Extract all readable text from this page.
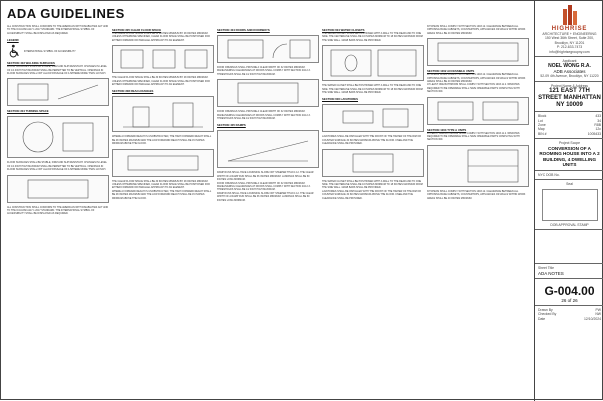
ADA GUIDELINES
ALL CONSTRUCTION SHALL CONFORM TO THE AMERICAN WITH DISABILITIES ACT AND TO THE ICC/ANSI A117.1 2017 STANDARD. THE INTERNATIONAL SYMBOL OF ACCESSIBILITY SHALL BE DISPLAYED AS REQUIRED.
LEGEND
INTERNATIONAL SYMBOL OF ACCESSIBILITY
SECTION 403 WALKING SURFACES
FLOOR SURFACES SHALL BE STABLE, FIRM AND SLIP RESISTANT. CHANGES IN LEVEL OF 1/4 INCH HIGH MAXIMUM SHALL BE PERMITTED TO BE VERTICAL. OPENINGS IN FLOOR SURFACES SHALL NOT ALLOW PASSAGE OF A SPHERE MORE THAN 1/2 INCH.
SECTION 304 TURNING SPACE
FLOOR SURFACES SHALL BE STABLE, FIRM AND SLIP RESISTANT. CHANGES IN LEVEL OF 1/4 INCH HIGH MAXIMUM SHALL BE PERMITTED TO BE VERTICAL. OPENINGS IN FLOOR SURFACES SHALL NOT ALLOW PASSAGE OF A SPHERE MORE THAN 1/2 INCH.
ALL CONSTRUCTION SHALL CONFORM TO THE AMERICAN WITH DISABILITIES ACT AND TO THE ICC/ANSI A117.1 2017 STANDARD. THE INTERNATIONAL SYMBOL OF ACCESSIBILITY SHALL BE DISPLAYED AS REQUIRED.
SECTION 305 CLEAR FLOOR SPACE
THE CLEAR FLOOR SPACE SHALL BE 30 INCHES MINIMUM BY 48 INCHES MINIMUM. UNLESS OTHERWISE SPECIFIED, CLEAR FLOOR SPACE SHALL BE POSITIONED FOR EITHER FORWARD OR PARALLEL APPROACH TO AN ELEMENT.
THE CLEAR FLOOR SPACE SHALL BE 30 INCHES MINIMUM BY 48 INCHES MINIMUM. UNLESS OTHERWISE SPECIFIED, CLEAR FLOOR SPACE SHALL BE POSITIONED FOR EITHER FORWARD OR PARALLEL APPROACH TO AN ELEMENT.
SECTION 308 REACH RANGES
WHERE A FORWARD REACH IS UNOBSTRUCTED, THE HIGH FORWARD REACH SHALL BE 48 INCHES MAXIMUM AND THE LOW FORWARD REACH SHALL BE 15 INCHES MINIMUM ABOVE THE FLOOR.
THE CLEAR FLOOR SPACE SHALL BE 30 INCHES MINIMUM BY 48 INCHES MINIMUM. UNLESS OTHERWISE SPECIFIED, CLEAR FLOOR SPACE SHALL BE POSITIONED FOR EITHER FORWARD OR PARALLEL APPROACH TO AN ELEMENT.
WHERE A FORWARD REACH IS UNOBSTRUCTED, THE HIGH FORWARD REACH SHALL BE 48 INCHES MAXIMUM AND THE LOW FORWARD REACH SHALL BE 15 INCHES MINIMUM ABOVE THE FLOOR.
SECTION 404 DOORS AND DOORWAYS
DOOR OPENINGS SHALL PROVIDE A CLEAR WIDTH OF 32 INCHES MINIMUM. MANEUVERING CLEARANCES AT DOORS SHALL COMPLY WITH SECTION 404.2.3. THRESHOLDS SHALL BE 1/2 INCH HIGH MAXIMUM.
DOOR OPENINGS SHALL PROVIDE A CLEAR WIDTH OF 32 INCHES MINIMUM. MANEUVERING CLEARANCES AT DOORS SHALL COMPLY WITH SECTION 404.2.3. THRESHOLDS SHALL BE 1/2 INCH HIGH MAXIMUM.
SECTION 405 RAMPS
RAMP RUNS SHALL HAVE A RUNNING SLOPE NOT STEEPER THAN 1:12. THE CLEAR WIDTH OF A RAMP RUN SHALL BE 36 INCHES MINIMUM. LANDINGS SHALL BE 60 INCHES LONG MINIMUM.
DOOR OPENINGS SHALL PROVIDE A CLEAR WIDTH OF 32 INCHES MINIMUM. MANEUVERING CLEARANCES AT DOORS SHALL COMPLY WITH SECTION 404.2.3. THRESHOLDS SHALL BE 1/2 INCH HIGH MAXIMUM.
RAMP RUNS SHALL HAVE A RUNNING SLOPE NOT STEEPER THAN 1:12. THE CLEAR WIDTH OF A RAMP RUN SHALL BE 36 INCHES MINIMUM. LANDINGS SHALL BE 60 INCHES LONG MINIMUM.
SECTION 604 WATER CLOSETS
THE WATER CLOSET SHALL BE POSITIONED WITH A WALL TO THE REAR AND TO ONE SIDE. THE CENTERLINE SHALL BE 16 INCHES MINIMUM TO 18 INCHES MAXIMUM FROM THE SIDE WALL. GRAB BARS SHALL BE PROVIDED.
THE WATER CLOSET SHALL BE POSITIONED WITH A WALL TO THE REAR AND TO ONE SIDE. THE CENTERLINE SHALL BE 16 INCHES MINIMUM TO 18 INCHES MAXIMUM FROM THE SIDE WALL. GRAB BARS SHALL BE PROVIDED.
SECTION 606 LAVATORIES
LAVATORIES SHALL BE INSTALLED WITH THE FRONT OF THE HIGHER OF THE RIM OR COUNTER SURFACE 34 INCHES MAXIMUM ABOVE THE FLOOR. KNEE AND TOE CLEARANCE SHALL BE PROVIDED.
THE WATER CLOSET SHALL BE POSITIONED WITH A WALL TO THE REAR AND TO ONE SIDE. THE CENTERLINE SHALL BE 16 INCHES MINIMUM TO 18 INCHES MAXIMUM FROM THE SIDE WALL. GRAB BARS SHALL BE PROVIDED.
LAVATORIES SHALL BE INSTALLED WITH THE FRONT OF THE HIGHER OF THE RIM OR COUNTER SURFACE 34 INCHES MAXIMUM ABOVE THE FLOOR. KNEE AND TOE CLEARANCE SHALL BE PROVIDED.
KITCHENS SHALL COMPLY WITH SECTION 1003.12. CLEARANCE BETWEEN ALL OPPOSING BASE CABINETS, COUNTERTOPS, APPLIANCES OR WALLS WITHIN WORK AREAS SHALL BE 40 INCHES MINIMUM.
SECTION 1002 ACCESSIBLE UNITS
KITCHENS SHALL COMPLY WITH SECTION 1003.12. CLEARANCE BETWEEN ALL OPPOSING BASE CABINETS, COUNTERTOPS, APPLIANCES OR WALLS WITHIN WORK AREAS SHALL BE 40 INCHES MINIMUM.
AT LEAST ONE BATHROOM SHALL COMPLY WITH SECTION 1003.11.2. WINDOWS REQUIRED TO BE OPERABLE SHALL HAVE OPERABLE PARTS COMPLYING WITH SECTION 309.
SECTION 1003 TYPE A UNITS
AT LEAST ONE BATHROOM SHALL COMPLY WITH SECTION 1003.11.2. WINDOWS REQUIRED TO BE OPERABLE SHALL HAVE OPERABLE PARTS COMPLYING WITH SECTION 309.
KITCHENS SHALL COMPLY WITH SECTION 1003.12. CLEARANCE BETWEEN ALL OPPOSING BASE CABINETS, COUNTERTOPS, APPLIANCES OR WALLS WITHIN WORK AREAS SHALL BE 40 INCHES MINIMUM.
HIGHRISE
ARCHITECTURE + ENGINEERING
150 West 36th Street, Suite 200, Brooklyn, NY 11201
P: 212-633-7473
info@highrisegroupny.com
Applicant
NOEL WONG R.A.
ADB Associates
52-09 4th Avenue, Brooklyn, NY 11220
Project Name & Address
121 EAST 7TH STREET MANHATTAN NY 10009
Block	433
Lot	34
Zone	R8B
Map	12c
BIN #	1005433
Project Scope
CONVERSION OF A ROOMING HOUSE INTO A 2 BUILDING, 4 DWELLING UNITS
NYC DOB No.
Seal
DOB APPROVAL STAMP
Sheet Title
ADA NOTES
G-004.00
26 of 26
Drawn By	PW
Checked By	NW
Date	12/10/2024
